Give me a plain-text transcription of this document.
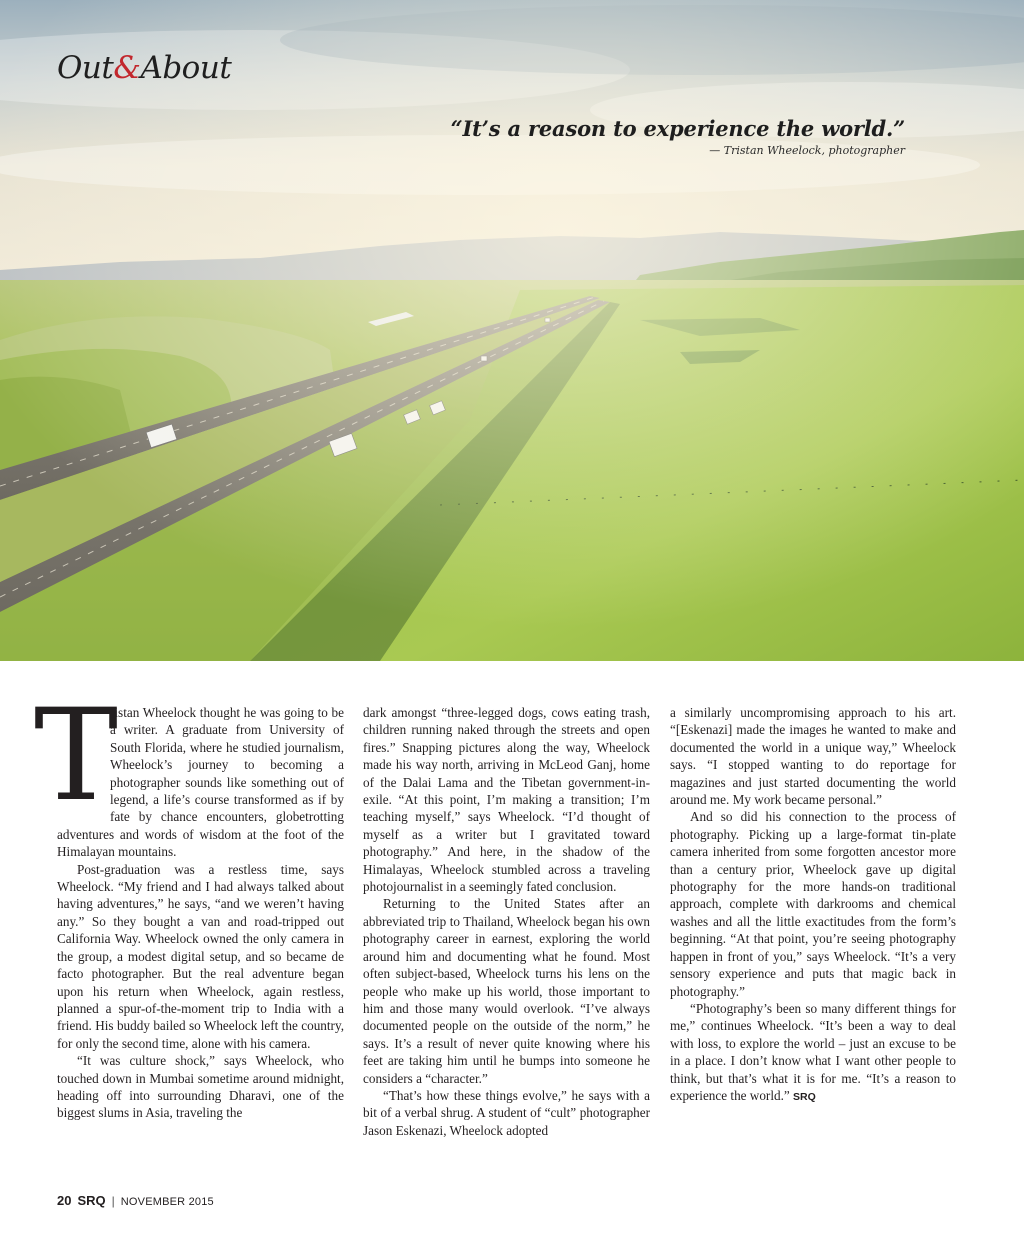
Out&About
“It’s a reason to experience the world.”
— Tristan Wheelock, photographer
T

ristan Wheelock thought he was going to be a writer. A graduate from University of South Florida, where he studied journalism, Wheelock’s journey to becoming a photographer sounds like something out of legend, a life’s course transformed as if by fate by chance encounters, globetrotting adventures and words of wisdom at the foot of the Himalayan mountains.

Post-graduation was a restless time, says Wheelock. “My friend and I had always talked about having adventures,” he says, “and we weren’t having any.” So they bought a van and road-tripped out California Way. Wheelock owned the only camera in the group, a modest digital setup, and so became de facto photographer. But the real adventure began upon his return when Wheelock, again restless, planned a spur-of-the-moment trip to India with a friend. His buddy bailed so Wheelock left the country, for only the second time, alone with his camera.

“It was culture shock,” says Wheelock, who touched down in Mumbai sometime around midnight, heading off into surrounding Dharavi, one of the biggest slums in Asia, traveling the

dark amongst “three-legged dogs, cows eating trash, children running naked through the streets and open fires.” Snapping pictures along the way, Wheelock made his way north, arriving in McLeod Ganj, home of the Dalai Lama and the Tibetan government-in-exile. “At this point, I’m making a transition; I’m teaching myself,” says Wheelock. “I’d thought of myself as a writer but I gravitated toward photography.” And here, in the shadow of the Himalayas, Wheelock stumbled across a traveling photojournalist in a seemingly fated conclusion.

Returning to the United States after an abbreviated trip to Thailand, Wheelock began his own photography career in earnest, exploring the world around him and documenting what he found. Most often subject-based, Wheelock turns his lens on the people who make up his world, those important to him and those many would overlook. “I’ve always documented people on the outside of the norm,” he says. It’s a result of never quite knowing where his feet are taking him until he bumps into someone he considers a “character.”

“That’s how these things evolve,” he says with a bit of a verbal shrug. A student of “cult” photographer Jason Eskenazi, Wheelock adopted

a similarly uncompromising approach to his art. “[Eskenazi] made the images he wanted to make and documented the world in a unique way,” Wheelock says. “I stopped wanting to do reportage for magazines and just started documenting the world around me. My work became personal.”

And so did his connection to the process of photography. Picking up a large-format tin-plate camera inherited from some forgotten ancestor more than a century prior, Wheelock gave up digital photography for the more hands-on traditional approach, complete with darkrooms and chemical washes and all the little exactitudes from the form’s beginning. “At that point, you’re seeing photography happen in front of you,” says Wheelock. “It’s a very sensory experience and puts that magic back in photography.”

“Photography’s been so many different things for me,” continues Wheelock. “It’s been a way to deal with loss, to explore the world – just an excuse to be in a place. I don’t know what I want other people to think, but that’s what it is for me. “It’s a reason to experience the world.” SRQ

20 SRQ | NOVEMBER 2015
